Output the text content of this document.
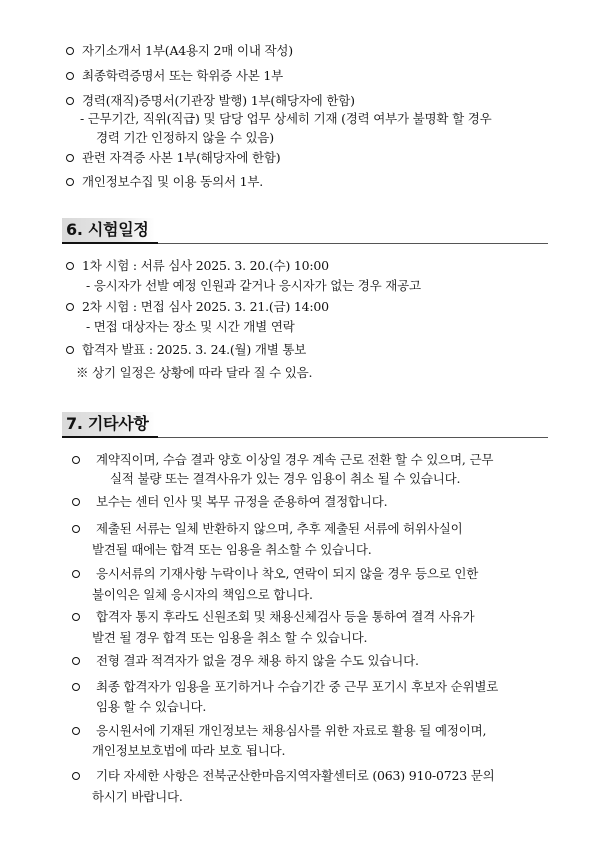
자기소개서 1부(A4용지 2매 이내 작성)
최종학력증명서 또는 학위증 사본 1부
경력(재직)증명서(기관장 발행) 1부(해당자에 한함)
- 근무기간, 직위(직급) 및 담당 업무 상세히 기재 (경력 여부가 불명확 할 경우
경력 기간 인정하지 않을 수 있음)
관련 자격증 사본 1부(해당자에 한함)
개인정보수집 및 이용 동의서 1부.
6. 시험일정
1차 시험 : 서류 심사 2025. 3. 20.(수) 10:00
- 응시자가 선발 예정 인원과 같거나 응시자가 없는 경우 재공고
2차 시험 : 면접 심사 2025. 3. 21.(금) 14:00
- 면접 대상자는 장소 및 시간 개별 연락
합격자 발표 : 2025. 3. 24.(월) 개별 통보
※ 상기 일정은 상황에 따라 달라 질 수 있음.
7. 기타사항
계약직이며, 수습 결과 양호 이상일 경우 계속 근로 전환 할 수 있으며, 근무
실적 불량 또는 결격사유가 있는 경우 임용이 취소 될 수 있습니다.
보수는 센터 인사 및 복무 규정을 준용하여 결정합니다.
제출된 서류는 일체 반환하지 않으며, 추후 제출된 서류에 허위사실이
발견될 때에는 합격 또는 임용을 취소할 수 있습니다.
응시서류의 기재사항 누락이나 착오, 연락이 되지 않을 경우 등으로 인한
불이익은 일체 응시자의 책임으로 합니다.
합격자 통지 후라도 신원조회 및 채용신체검사 등을 통하여 결격 사유가
발견 될 경우 합격 또는 임용을 취소 할 수 있습니다.
전형 결과 적격자가 없을 경우 채용 하지 않을 수도 있습니다.
최종 합격자가 임용을 포기하거나 수습기간 중 근무 포기시 후보자 순위별로
임용 할 수 있습니다.
응시원서에 기재된 개인정보는 채용심사를 위한 자료로 활용 될 예정이며,
개인정보보호법에 따라 보호 됩니다.
기타 자세한 사항은 전북군산한마음지역자활센터로 (063) 910-0723 문의
하시기 바랍니다.
